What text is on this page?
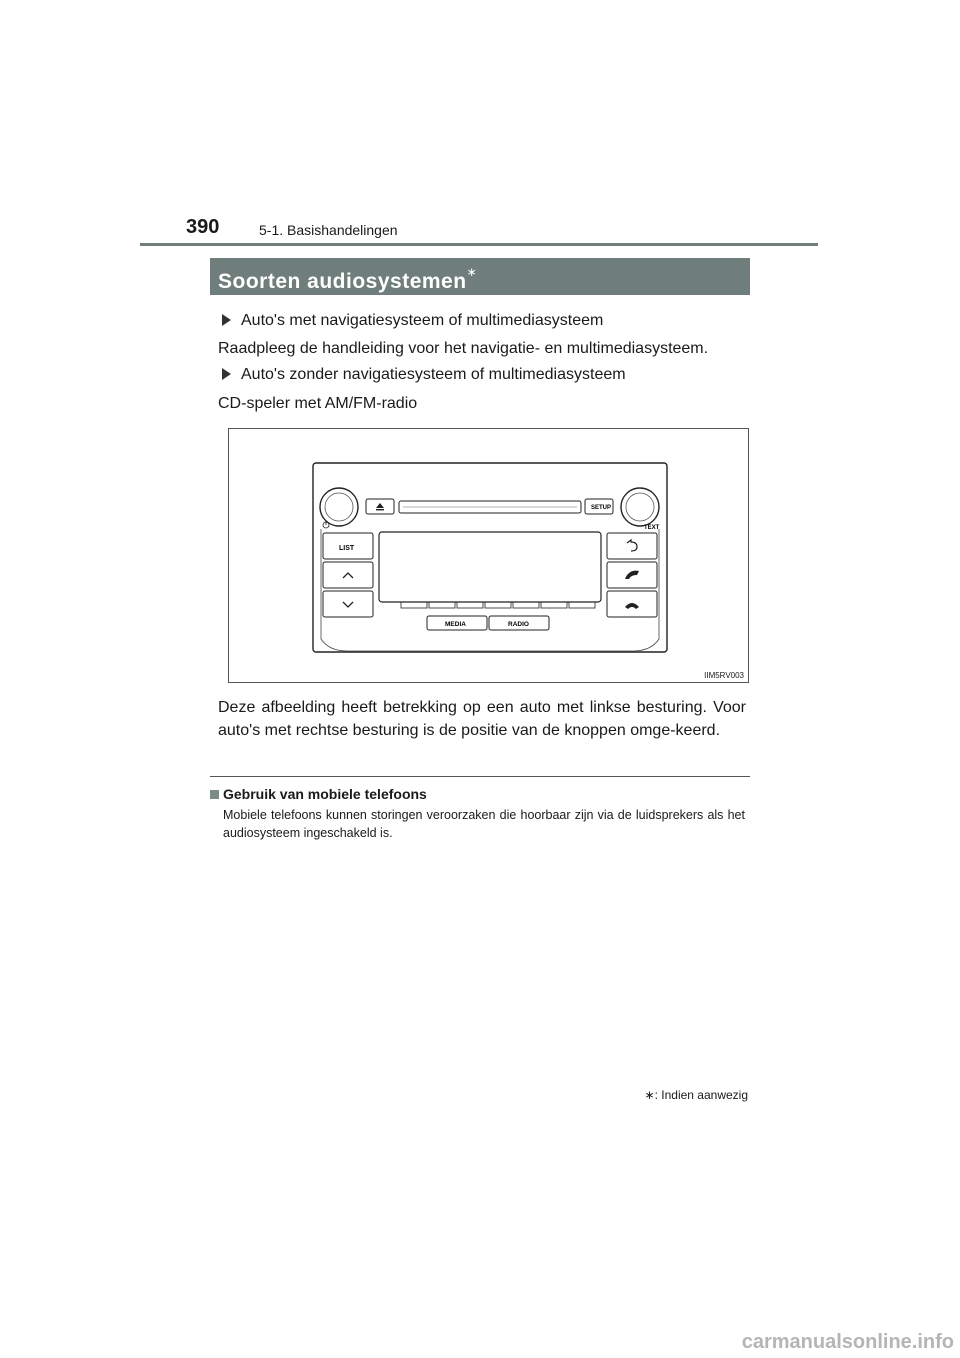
390	5-1. Basishandelingen
Soorten audiosystemen∗
Auto's met navigatiesysteem of multimediasysteem
Raadpleeg de handleiding voor het navigatie- en multimediasysteem.
Auto's zonder navigatiesysteem of multimediasysteem
CD-speler met AM/FM-radio
TEXT
SETUP
LIST
MEDIA	RADIO
IIM5RV003
Deze afbeelding heeft betrekking op een auto met linkse besturing. Voor auto's met rechtse besturing is de positie van de knoppen omge-keerd.
Gebruik van mobiele telefoons
Mobiele telefoons kunnen storingen veroorzaken die hoorbaar zijn via de luidsprekers als het audiosysteem ingeschakeld is.
∗: Indien aanwezig
carmanualsonline.info
